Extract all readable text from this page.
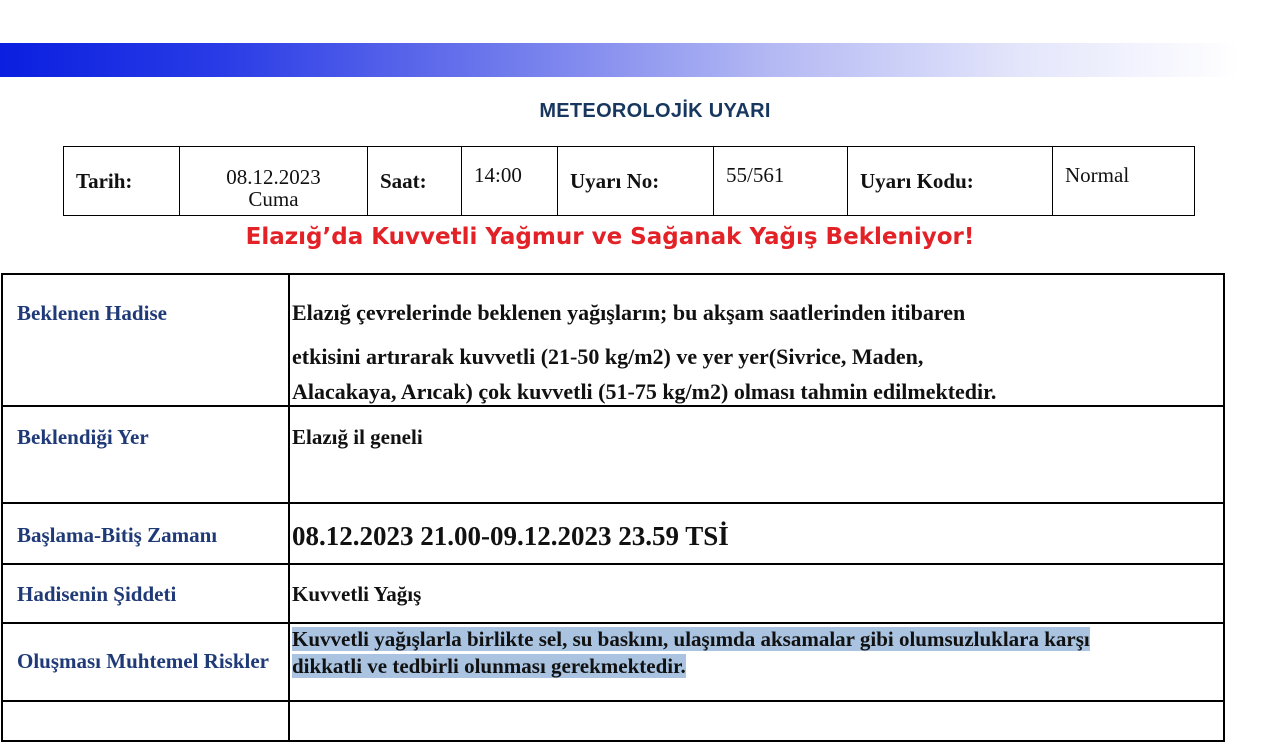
METEOROLOJİK UYARI
Tarih:	08.12.2023
Cuma
	Saat:	14:00	Uyarı No:	55/561	Uyarı Kodu:	Normal
Elazığ’da Kuvvetli Yağmur ve Sağanak Yağış Bekleniyor!
Beklenen Hadise	Elazığ çevrelerinde beklenen yağışların; bu akşam saatlerinden itibaren
etkisini artırarak kuvvetli (21-50 kg/m2) ve yer yer(Sivrice, Maden,
Alacakaya, Arıcak) çok kuvvetli (51-75 kg/m2) olması tahmin edilmektedir.

Beklendiği Yer	Elazığ il geneli
Başlama-Bitiş Zamanı	08.12.2023 21.00-09.12.2023 23.59 TSİ
Hadisenin Şiddeti	Kuvvetli Yağış
Oluşması Muhtemel Riskler	Kuvvetli yağışlarla birlikte sel, su baskını, ulaşımda aksamalar gibi olumsuzluklara karşı
dikkatli ve tedbirli olunması gerekmektedir.
